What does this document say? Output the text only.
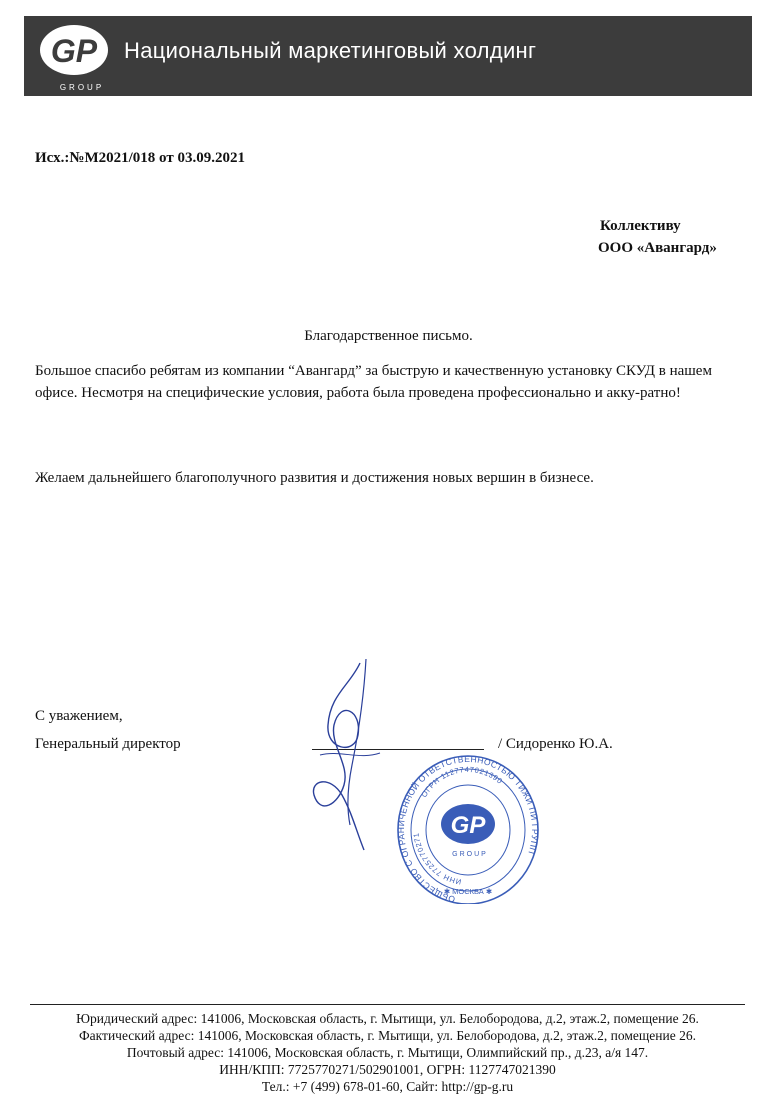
GP
GROUP
Национальный маркетинговый холдинг
Исх.:№М2021/018 от 03.09.2021
Коллективу
ООО «Авангард»
Благодарственное письмо.
Большое спасибо ребятам из компании “Авангард” за быструю и качественную установку СКУД в нашем офисе. Несмотря на специфические условия, работа была проведена профессионально и акку-ратно!
Желаем дальнейшего благополучного развития и достижения новых вершин в бизнесе.
С уважением,
Генеральный директор	/ Сидоренко Ю.А.
ОБЩЕСТВО С ОГРАНИЧЕННОЙ ОТВЕТСТВЕННОСТЬЮ ТИЖИ ПИ ГРУПП
ОГРН 1127747021390
ИНН 7725770271	GP
GROUP
✱ МОСКВА ✱
Юридический адрес: 141006, Московская область, г. Мытищи, ул. Белобородова, д.2, этаж.2, помещение 26.
Фактический адрес: 141006, Московская область, г. Мытищи, ул. Белобородова, д.2, этаж.2, помещение 26.
Почтовый адрес: 141006, Московская область, г. Мытищи, Олимпийский пр., д.23, а/я 147.
ИНН/КПП: 7725770271/502901001, ОГРН: 1127747021390
Тел.: +7 (499) 678-01-60, Сайт: http://gp-g.ru
